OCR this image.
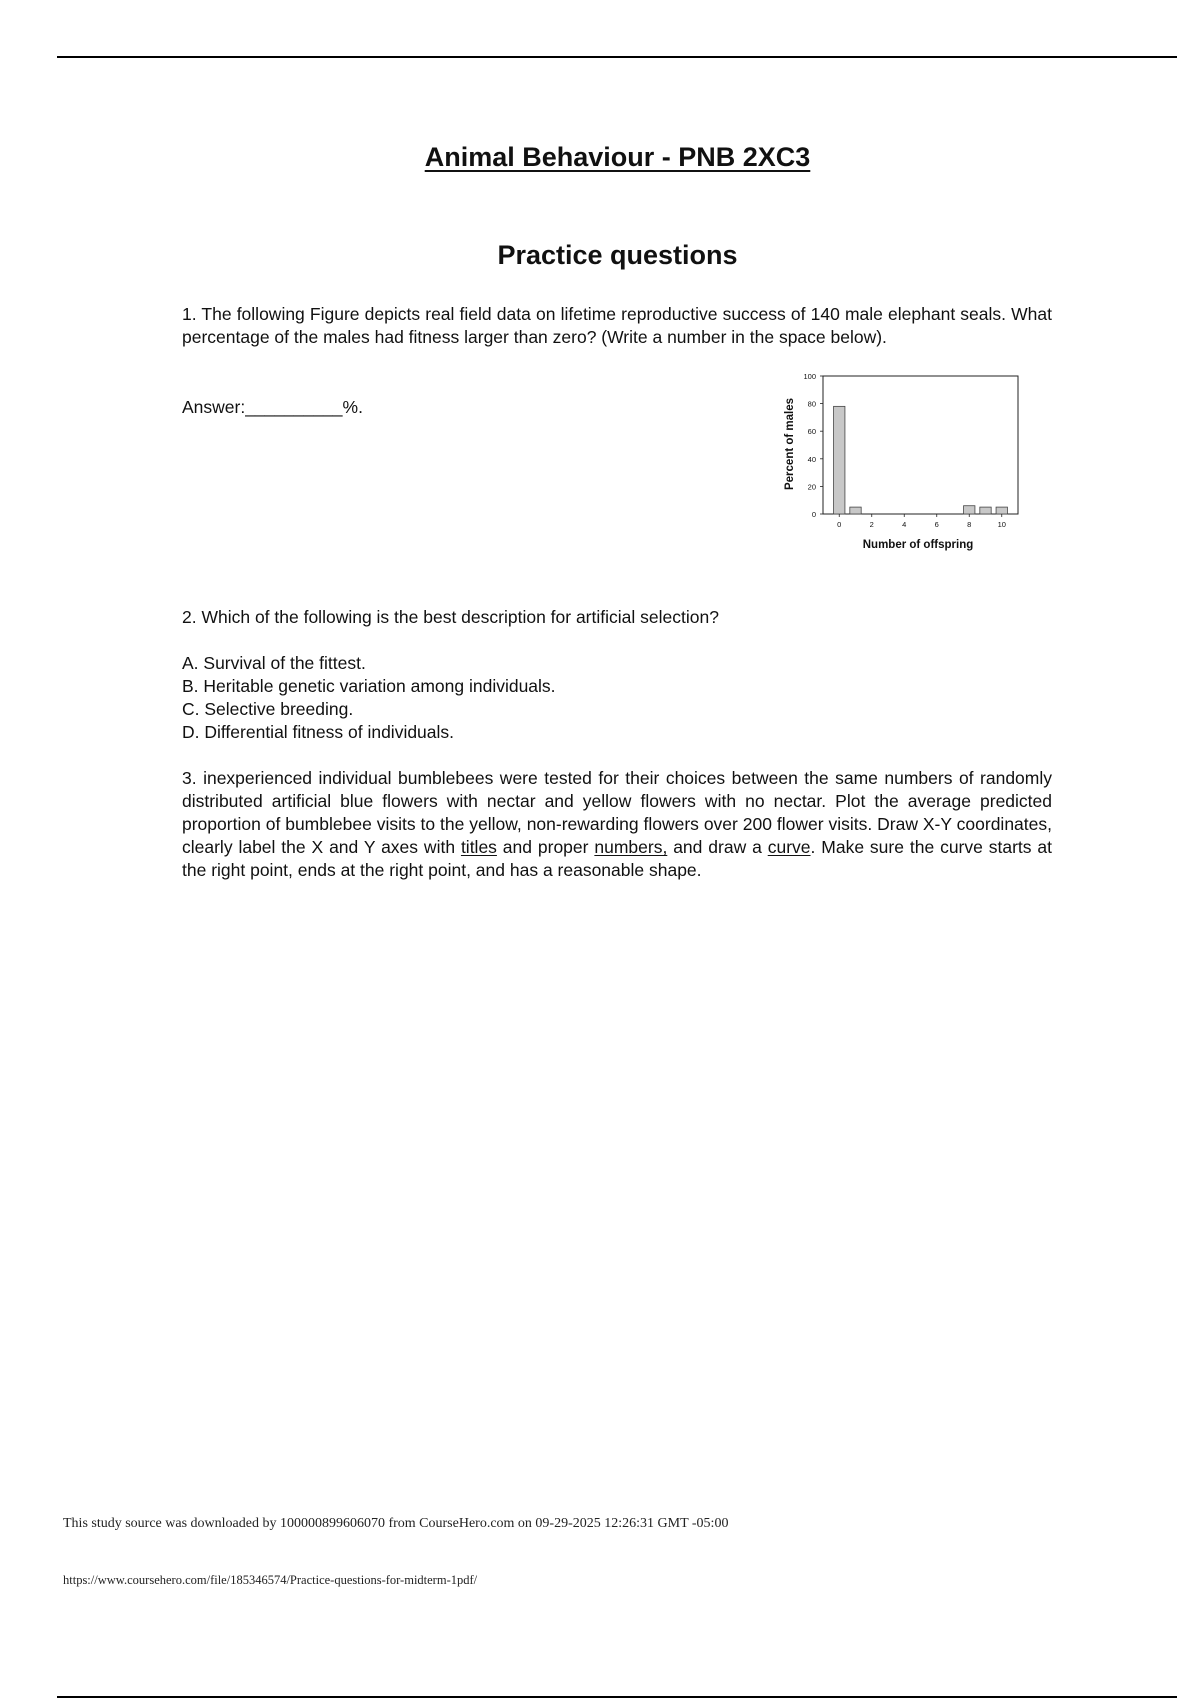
Animal Behaviour - PNB 2XC3
Practice questions

1. The following Figure depicts real field data on lifetime reproductive success of 140 male elephant seals. What percentage of the males had fitness larger than zero? (Write a number in the space below).

Answer:__________%.
0	2	4	6	8	10
0
20
40
60
80
100
Number of offspring
Percent of males

2. Which of the following is the best description for artificial selection?

A. Survival of the fittest.
B. Heritable genetic variation among individuals.
C. Selective breeding.
D. Differential fitness of individuals.

3. inexperienced individual bumblebees were tested for their choices between the same numbers of randomly distributed artificial blue flowers with nectar and yellow flowers with no nectar. Plot the average predicted proportion of bumblebee visits to the yellow, non-rewarding flowers over 200 flower visits. Draw X-Y coordinates, clearly label the X and Y axes with titles and proper numbers, and draw a curve. Make sure the curve starts at the right point, ends at the right point, and has a reasonable shape.

This study source was downloaded by 100000899606070 from CourseHero.com on 09-29-2025 12:26:31 GMT -05:00
https://www.coursehero.com/file/185346574/Practice-questions-for-midterm-1pdf/
